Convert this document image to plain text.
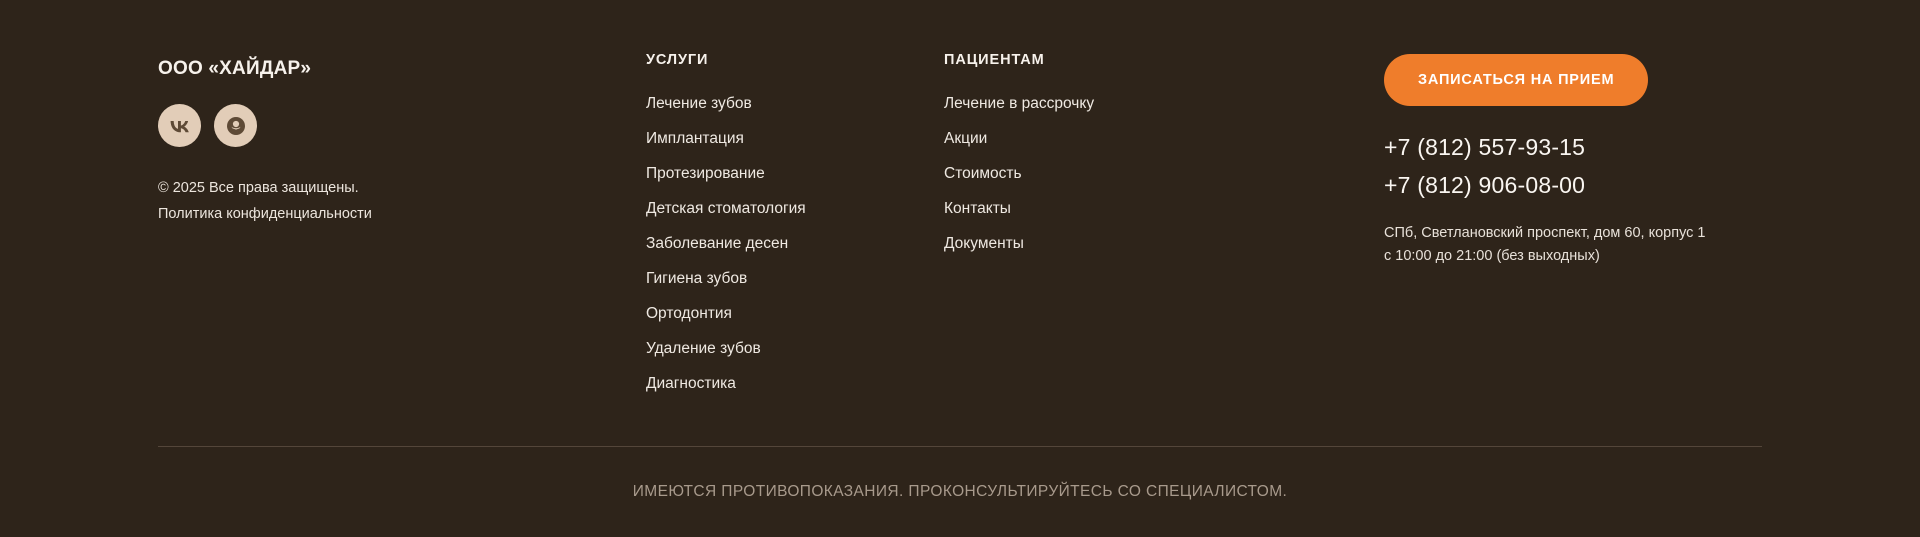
ООО «ХАЙДАР»
© 2025 Все права защищены.
Политика конфиденциальности
УСЛУГИ
Лечение зубов
Имплантация
Протезирование
Детская стоматология
Заболевание десен
Гигиена зубов
Ортодонтия
Удаление зубов
Диагностика
ПАЦИЕНТАМ
Лечение в рассрочку
Акции
Стоимость
Контакты
Документы
ЗАПИСАТЬСЯ НА ПРИЕМ
+7 (812) 557-93-15
+7 (812) 906-08-00
СПб, Светлановский проспект, дом 60, корпус 1
с 10:00 до 21:00 (без выходных)
ИМЕЮТСЯ ПРОТИВОПОКАЗАНИЯ. ПРОКОНСУЛЬТИРУЙТЕСЬ СО СПЕЦИАЛИСТОМ.
